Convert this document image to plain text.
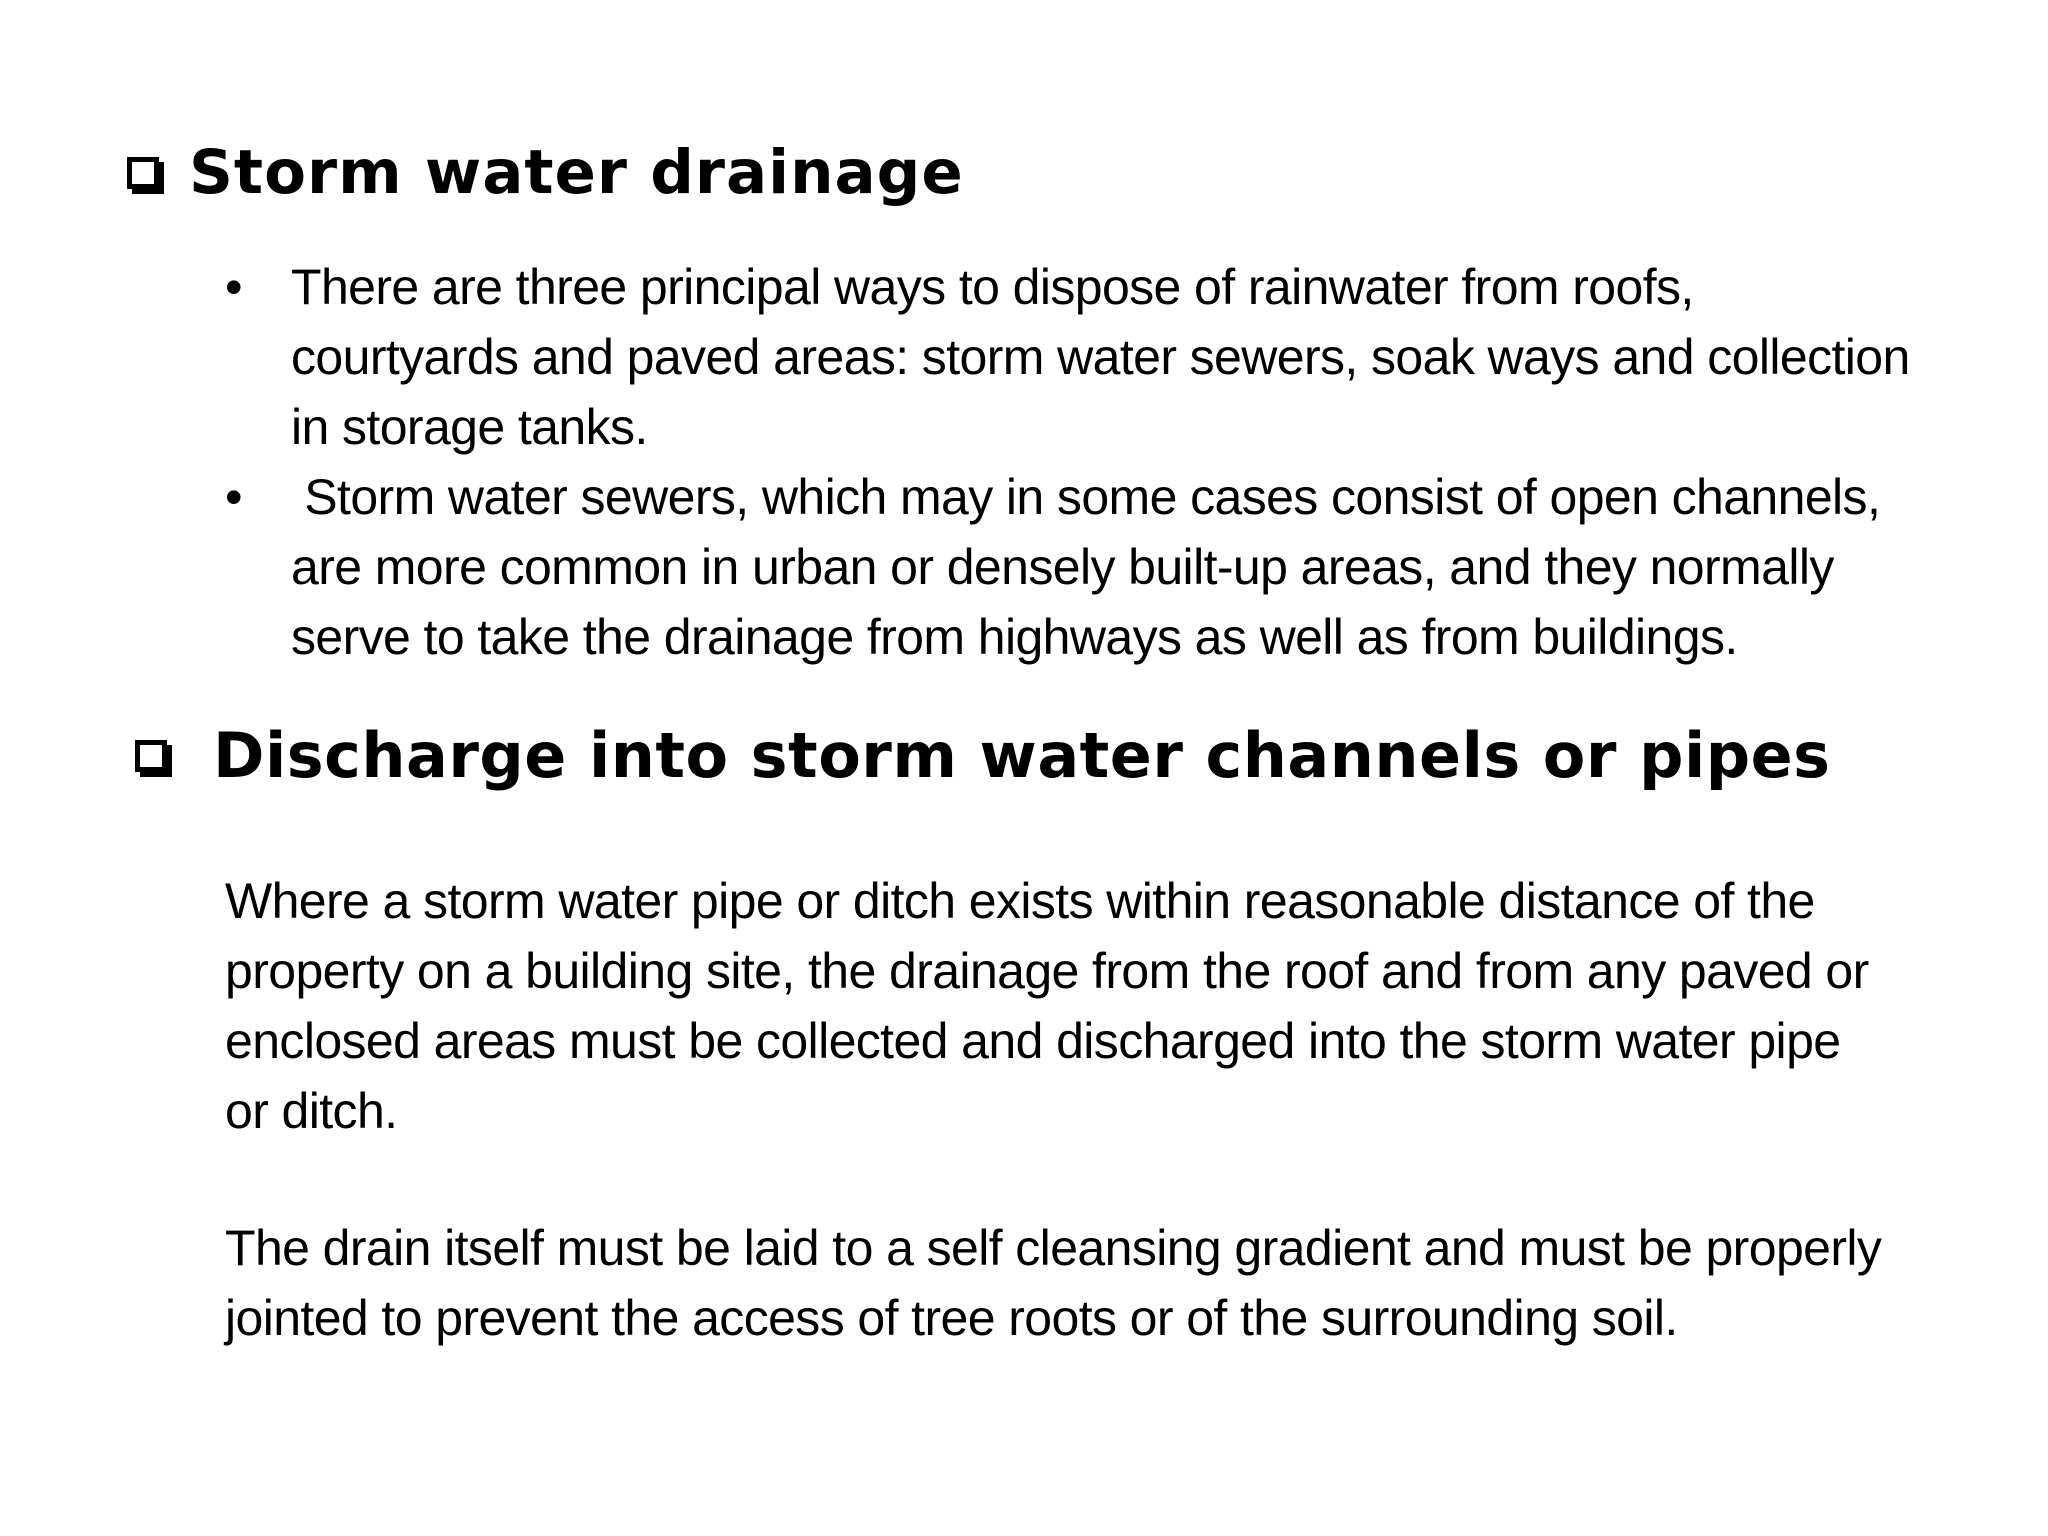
Storm water drainage
• There are three principal ways to dispose of rainwater from roofs,
courtyards and paved areas: storm water sewers, soak ways and collection
in storage tanks.
• Storm water sewers, which may in some cases consist of open channels,
are more common in urban or densely built-up areas, and they normally
serve to take the drainage from highways as well as from buildings.
Discharge into storm water channels or pipes
Where a storm water pipe or ditch exists within reasonable distance of the
property on a building site, the drainage from the roof and from any paved or
enclosed areas must be collected and discharged into the storm water pipe
or ditch.
The drain itself must be laid to a self cleansing gradient and must be properly
jointed to prevent the access of tree roots or of the surrounding soil.
